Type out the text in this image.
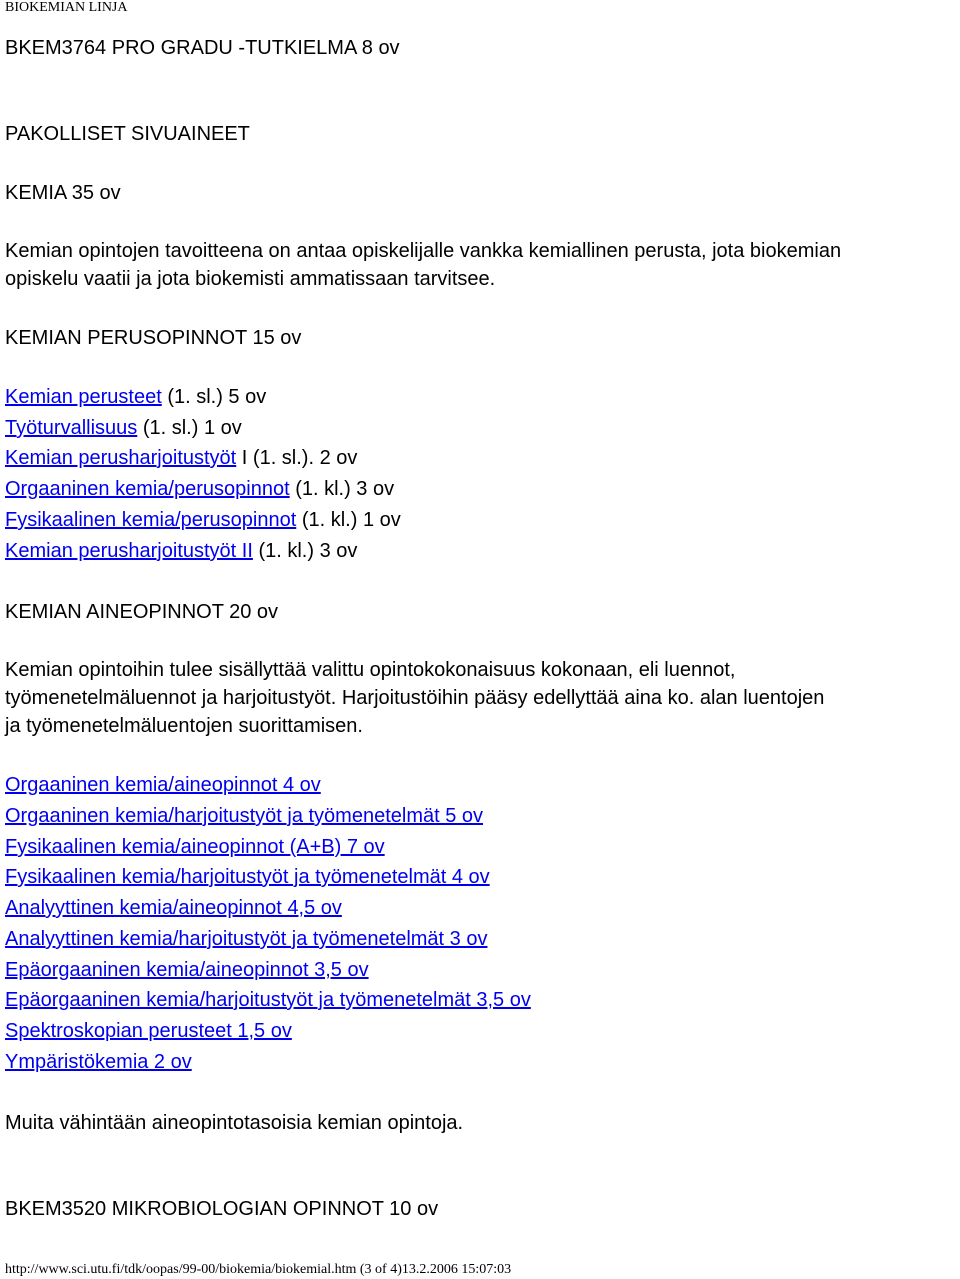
BIOKEMIAN LINJA
BKEM3764 PRO GRADU -TUTKIELMA 8 ov
PAKOLLISET SIVUAINEET
KEMIA 35 ov
Kemian opintojen tavoitteena on antaa opiskelijalle vankka kemiallinen perusta, jota biokemian
opiskelu vaatii ja jota biokemisti ammatissaan tarvitsee.
KEMIAN PERUSOPINNOT 15 ov
Kemian perusteet (1. sl.) 5 ov
Työturvallisuus (1. sl.) 1 ov
Kemian perusharjoitustyöt I (1. sl.). 2 ov
Orgaaninen kemia/perusopinnot (1. kl.) 3 ov
Fysikaalinen kemia/perusopinnot (1. kl.) 1 ov
Kemian perusharjoitustyöt II (1. kl.) 3 ov
KEMIAN AINEOPINNOT 20 ov
Kemian opintoihin tulee sisällyttää valittu opintokokonaisuus kokonaan, eli luennot,
työmenetelmäluennot ja harjoitustyöt. Harjoitustöihin pääsy edellyttää aina ko. alan luentojen
ja työmenetelmäluentojen suorittamisen.
Orgaaninen kemia/aineopinnot 4 ov
Orgaaninen kemia/harjoitustyöt ja työmenetelmät 5 ov
Fysikaalinen kemia/aineopinnot (A+B) 7 ov
Fysikaalinen kemia/harjoitustyöt ja työmenetelmät 4 ov
Analyyttinen kemia/aineopinnot 4,5 ov
Analyyttinen kemia/harjoitustyöt ja työmenetelmät 3 ov
Epäorgaaninen kemia/aineopinnot 3,5 ov
Epäorgaaninen kemia/harjoitustyöt ja työmenetelmät 3,5 ov
Spektroskopian perusteet 1,5 ov
Ympäristökemia 2 ov
Muita vähintään aineopintotasoisia kemian opintoja.
BKEM3520 MIKROBIOLOGIAN OPINNOT 10 ov
http://www.sci.utu.fi/tdk/oopas/99-00/biokemia/biokemial.htm (3 of 4)13.2.2006 15:07:03
